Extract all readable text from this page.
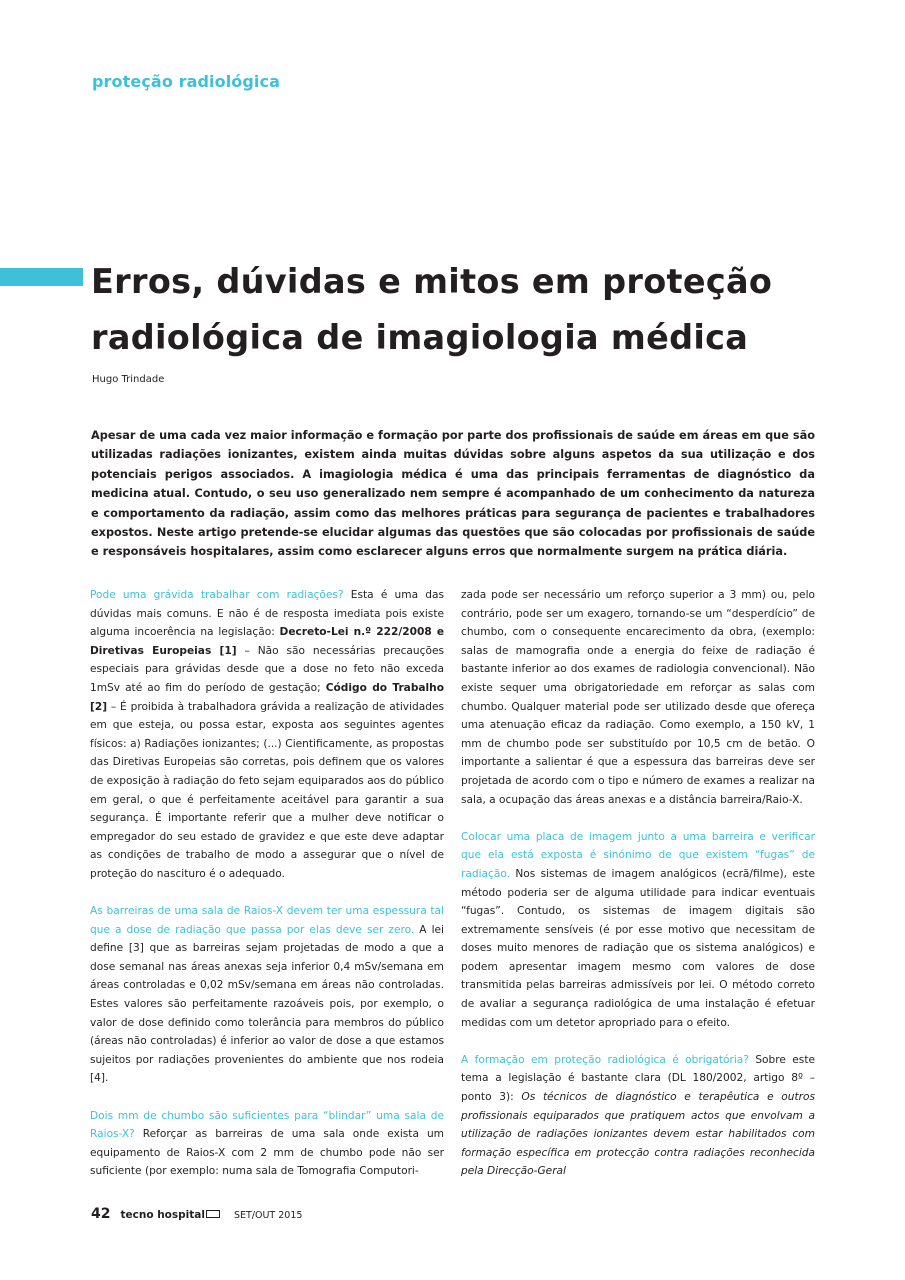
proteção radiológica
Erros, dúvidas e mitos em proteção radiológica de imagiologia médica
Hugo Trindade
Apesar de uma cada vez maior informação e formação por parte dos profissionais de saúde em áreas em que são utilizadas radiações ionizantes, existem ainda muitas dúvidas sobre alguns aspetos da sua utilização e dos potenciais perigos associados. A imagiologia médica é uma das principais ferramentas de diagnóstico da medicina atual. Contudo, o seu uso generalizado nem sempre é acompanhado de um conhecimento da natureza e comportamento da radiação, assim como das melhores práticas para segurança de pacientes e trabalhadores expostos. Neste artigo pretende-se elucidar algumas das questões que são colocadas por profissionais de saúde e responsáveis hospitalares, assim como esclarecer alguns erros que normalmente surgem na prática diária.

Pode uma grávida trabalhar com radiações? Esta é uma das dúvidas mais comuns. E não é de resposta imediata pois existe alguma incoerência na legislação: Decreto-Lei n.º 222/2008 e Diretivas Europeias [1] – Não são necessárias precauções especiais para grávidas desde que a dose no feto não exceda 1mSv até ao fim do período de gestação; Código do Trabalho [2] – É proibida à trabalhadora grávida a realização de atividades em que esteja, ou possa estar, exposta aos seguintes agentes físicos: a) Radiações ionizantes; (...) Cientificamente, as propostas das Diretivas Europeias são corretas, pois definem que os valores de exposição à radiação do feto sejam equiparados aos do público em geral, o que é perfeitamente aceitável para garantir a sua segurança. É importante referir que a mulher deve notificar o empregador do seu estado de gravidez e que este deve adaptar as condições de trabalho de modo a assegurar que o nível de proteção do nascituro é o adequado.

As barreiras de uma sala de Raios-X devem ter uma espessura tal que a dose de radiação que passa por elas deve ser zero. A lei define [3] que as barreiras sejam projetadas de modo a que a dose semanal nas áreas anexas seja inferior 0,4 mSv/semana em áreas controladas e 0,02 mSv/semana em áreas não controladas. Estes valores são perfeitamente razoáveis pois, por exemplo, o valor de dose definido como tolerância para membros do público (áreas não controladas) é inferior ao valor de dose a que estamos sujeitos por radiações provenientes do ambiente que nos rodeia [4].

Dois mm de chumbo são suficientes para “blindar” uma sala de Raios-X? Reforçar as barreiras de uma sala onde exista um equipamento de Raios-X com 2 mm de chumbo pode não ser suficiente (por exemplo: numa sala de Tomografia Computori-

zada pode ser necessário um reforço superior a 3 mm) ou, pelo contrário, pode ser um exagero, tornando-se um “desperdício” de chumbo, com o consequente encarecimento da obra, (exemplo: salas de mamografia onde a energia do feixe de radiação é bastante inferior ao dos exames de radiologia convencional). Não existe sequer uma obrigatoriedade em reforçar as salas com chumbo. Qualquer material pode ser utilizado desde que ofereça uma atenuação eficaz da radiação. Como exemplo, a 150 kV, 1 mm de chumbo pode ser substituído por 10,5 cm de betão. O importante a salientar é que a espessura das barreiras deve ser projetada de acordo com o tipo e número de exames a realizar na sala, a ocupação das áreas anexas e a distância barreira/Raio-X.

Colocar uma placa de imagem junto a uma barreira e verificar que ela está exposta é sinónimo de que existem “fugas” de radiação. Nos sistemas de imagem analógicos (ecrã/filme), este método poderia ser de alguma utilidade para indicar eventuais “fugas”. Contudo, os sistemas de imagem digitais são extremamente sensíveis (é por esse motivo que necessitam de doses muito menores de radiação que os sistema analógicos) e podem apresentar imagem mesmo com valores de dose transmitida pelas barreiras admissíveis por lei. O método correto de avaliar a segurança radiológica de uma instalação é efetuar medidas com um detetor apropriado para o efeito.

A formação em proteção radiológica é obrigatória? Sobre este tema a legislação é bastante clara (DL 180/2002, artigo 8º – ponto 3): Os técnicos de diagnóstico e terapêutica e outros profissionais equiparados que pratiquem actos que envolvam a utilização de radiações ionizantes devem estar habilitados com formação específica em protecção contra radiações reconhecida pela Direcção-Geral

42 tecno hospital	SET/OUT 2015
